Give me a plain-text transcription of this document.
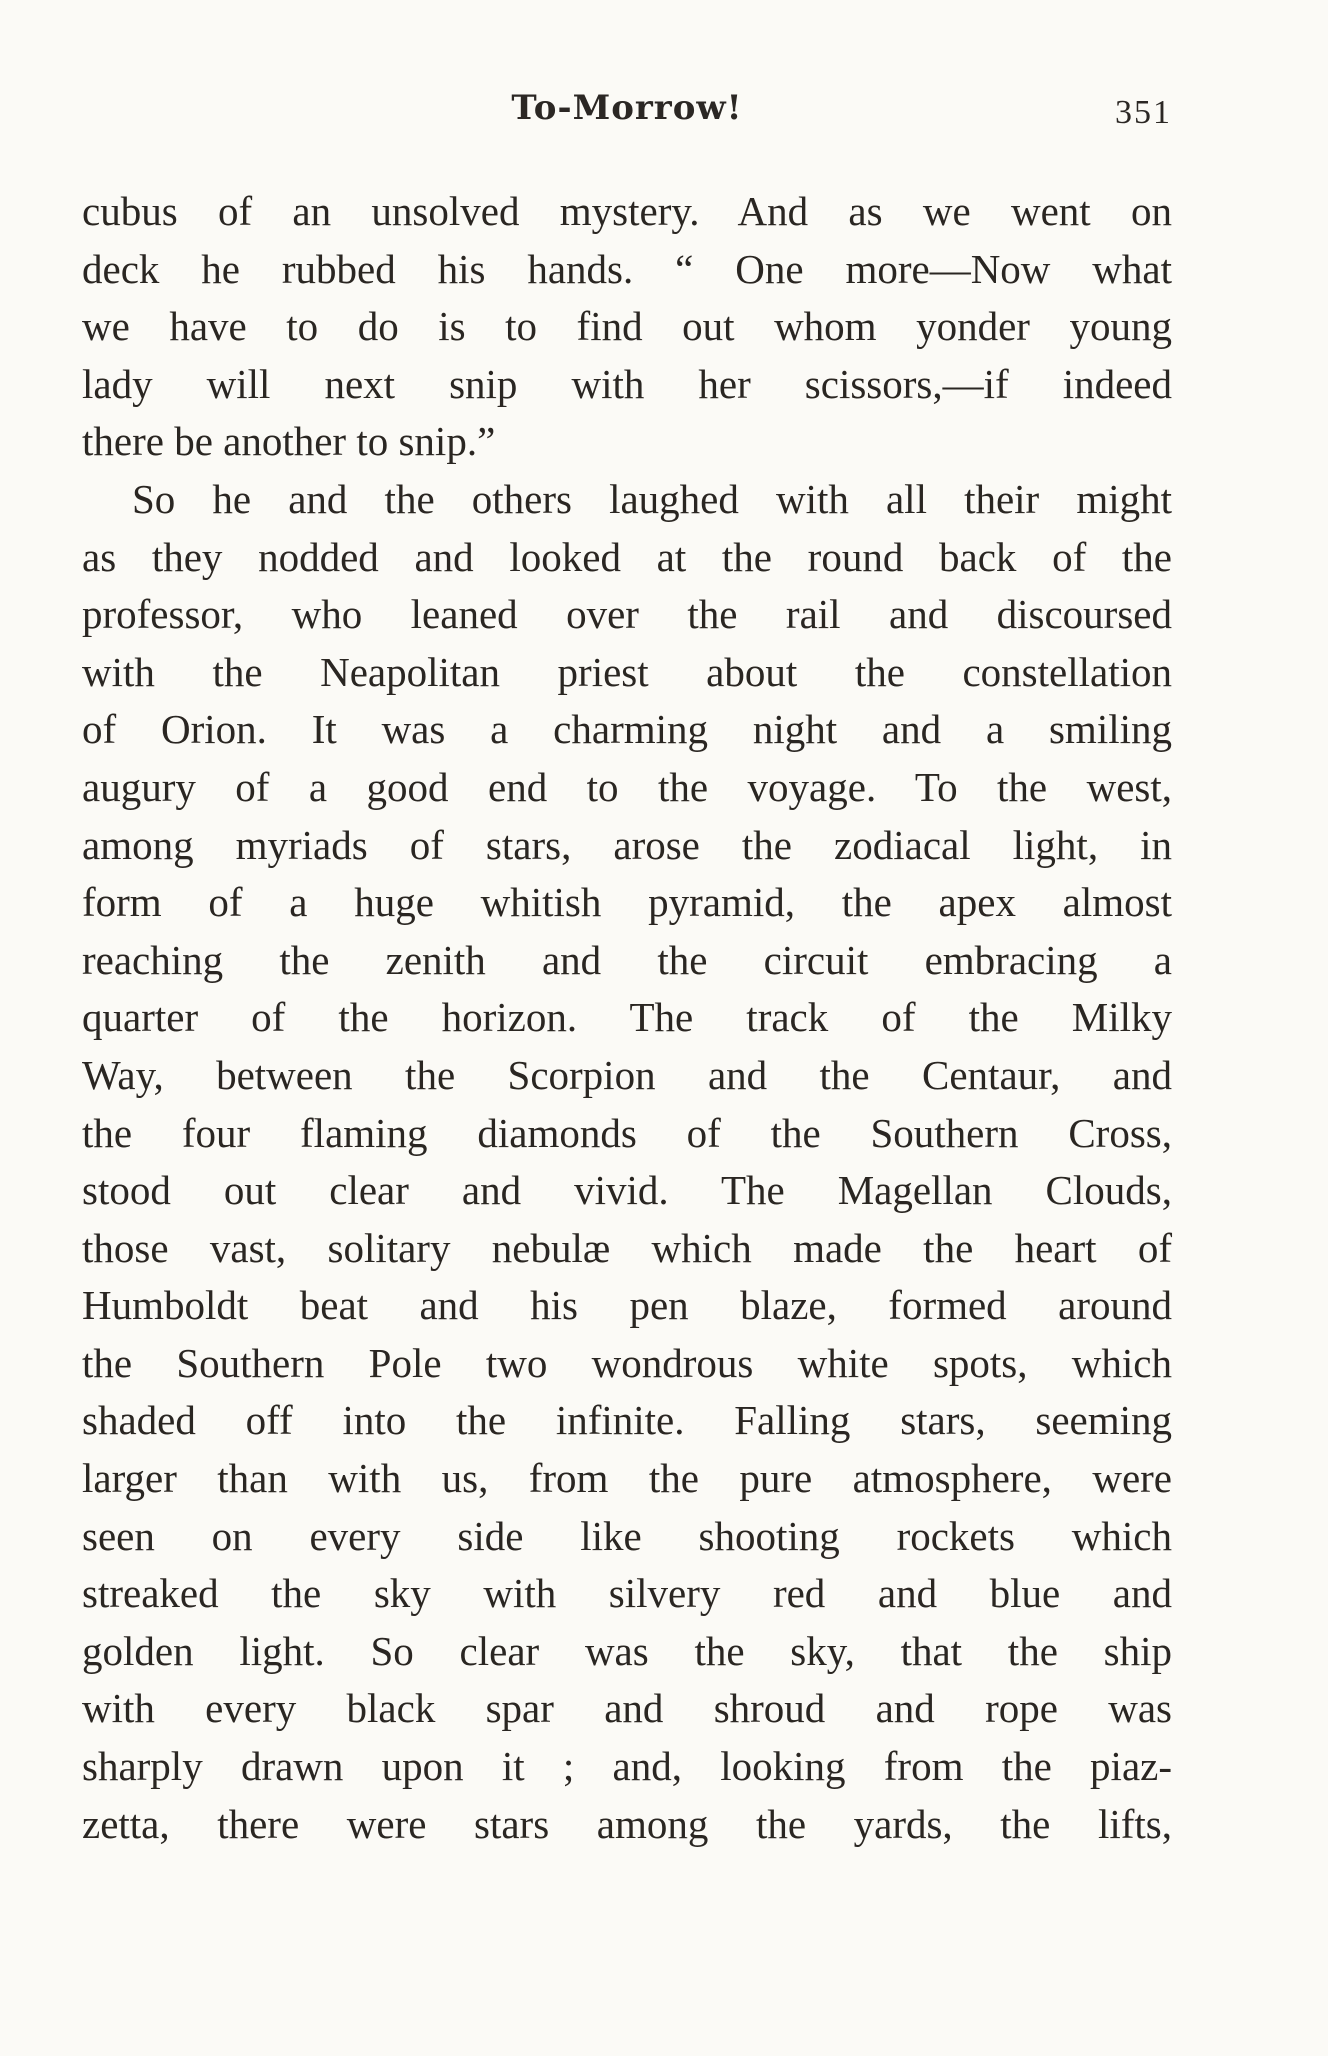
To-Morrow!	351
cubus of an unsolved mystery. And as we went on
deck he rubbed his hands. “ One more—Now what
we have to do is to find out whom yonder young
lady will next snip with her scissors,—if indeed
there be another to snip.”
So he and the others laughed with all their might
as they nodded and looked at the round back of the
professor, who leaned over the rail and discoursed
with the Neapolitan priest about the constellation
of Orion. It was a charming night and a smiling
augury of a good end to the voyage. To the west,
among myriads of stars, arose the zodiacal light, in
form of a huge whitish pyramid, the apex almost
reaching the zenith and the circuit embracing a
quarter of the horizon. The track of the Milky
Way, between the Scorpion and the Centaur, and
the four flaming diamonds of the Southern Cross,
stood out clear and vivid. The Magellan Clouds,
those vast, solitary nebulæ which made the heart of
Humboldt beat and his pen blaze, formed around
the Southern Pole two wondrous white spots, which
shaded off into the infinite. Falling stars, seeming
larger than with us, from the pure atmosphere, were
seen on every side like shooting rockets which
streaked the sky with silvery red and blue and
golden light. So clear was the sky, that the ship
with every black spar and shroud and rope was
sharply drawn upon it ; and, looking from the piaz-
zetta, there were stars among the yards, the lifts,
